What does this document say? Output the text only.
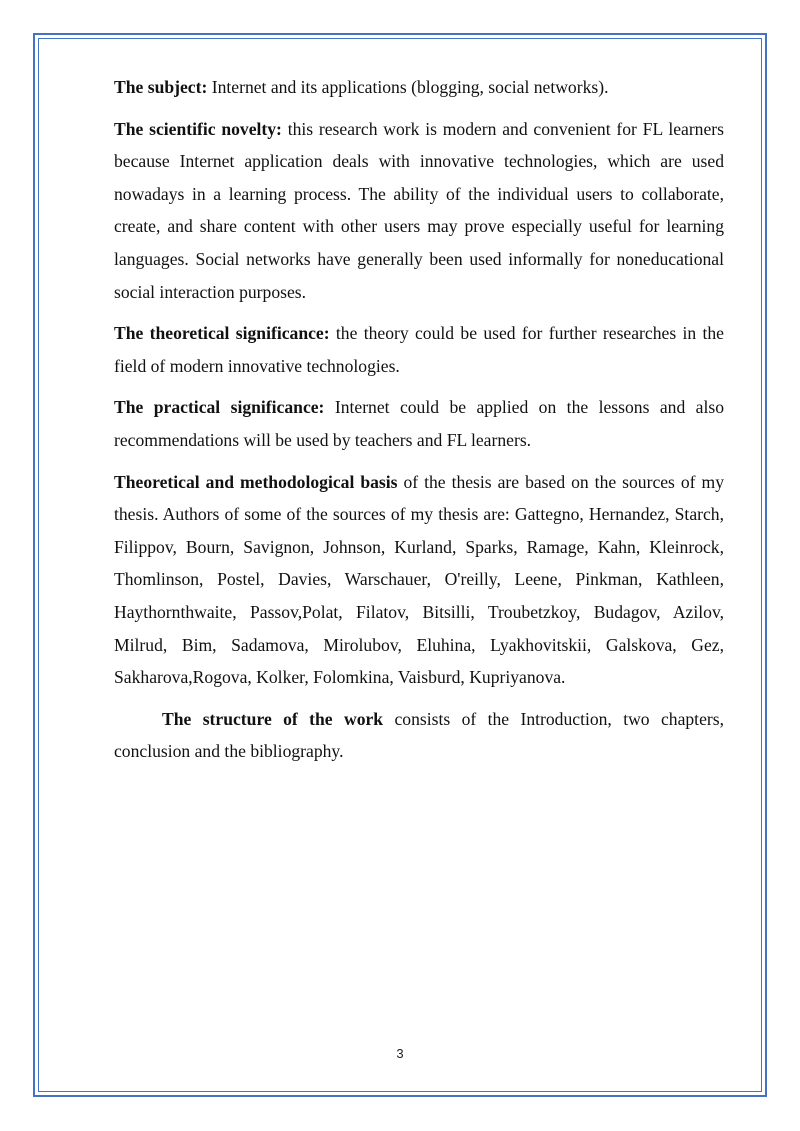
The subject: Internet and its applications (blogging, social networks).

The scientific novelty: this research work is modern and convenient for FL learners because Internet application deals with innovative technologies, which are used nowadays in a learning process. The ability of the individual users to collaborate, create, and share content with other users may prove especially useful for learning languages. Social networks have generally been used informally for noneducational social interaction purposes.

The theoretical significance: the theory could be used for further researches in the field of modern innovative technologies.

The practical significance: Internet could be applied on the lessons and also recommendations will be used by teachers and FL learners.

Theoretical and methodological basis of the thesis are based on the sources of my thesis. Authors of some of the sources of my thesis are: Gattegno, Hernandez, Starch, Filippov, Bourn, Savignon, Johnson, Kurland, Sparks, Ramage, Kahn, Kleinrock, Thomlinson, Postel, Davies, Warschauer, O'reilly, Leene, Pinkman, Kathleen, Haythornthwaite, Passov,Polat, Filatov, Bitsilli, Troubetzkoy, Budagov, Azilov, Milrud, Bim, Sadamova, Mirolubov, Eluhina, Lyakhovitskii, Galskova, Gez, Sakharova,Rogova, Kolker, Folomkina, Vaisburd, Kupriyanova.

The structure of the work consists of the Introduction, two chapters, conclusion and the bibliography.

3
